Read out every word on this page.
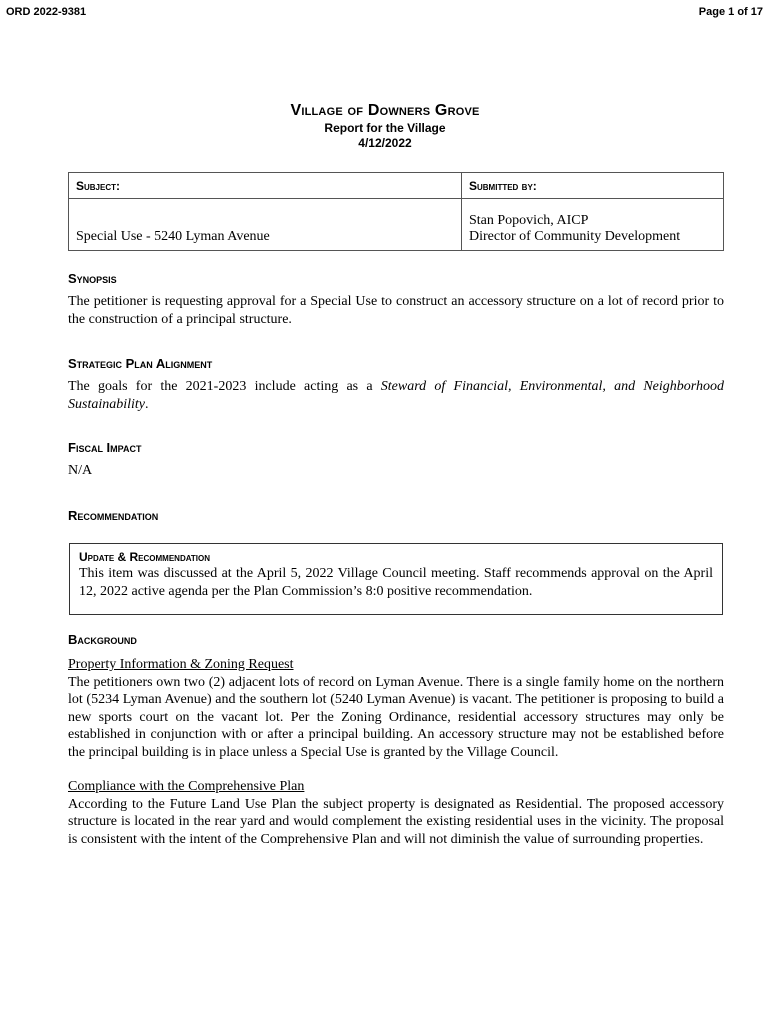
ORD 2022-9381	Page 1 of 17
Village of Downers Grove
Report for the Village
4/12/2022
Subject:	Submitted by:
Special Use - 5240 Lyman Avenue	Stan Popovich, AICP
Director of Community Development
Synopsis
The petitioner is requesting approval for a Special Use to construct an accessory structure on a lot of record prior to the construction of a principal structure.
Strategic Plan Alignment
The goals for the 2021-2023 include acting as a Steward of Financial, Environmental, and Neighborhood Sustainability.
Fiscal Impact
N/A
Recommendation
Update & Recommendation
This item was discussed at the April 5, 2022 Village Council meeting. Staff recommends approval on the April 12, 2022 active agenda per the Plan Commission’s 8:0 positive recommendation.
Background
Property Information & Zoning Request
The petitioners own two (2) adjacent lots of record on Lyman Avenue. There is a single family home on the northern lot (5234 Lyman Avenue) and the southern lot (5240 Lyman Avenue) is vacant. The petitioner is proposing to build a new sports court on the vacant lot. Per the Zoning Ordinance, residential accessory structures may only be established in conjunction with or after a principal building. An accessory structure may not be established before the principal building is in place unless a Special Use is granted by the Village Council.
Compliance with the Comprehensive Plan
According to the Future Land Use Plan the subject property is designated as Residential. The proposed accessory structure is located in the rear yard and would complement the existing residential uses in the vicinity. The proposal is consistent with the intent of the Comprehensive Plan and will not diminish the value of surrounding properties.
